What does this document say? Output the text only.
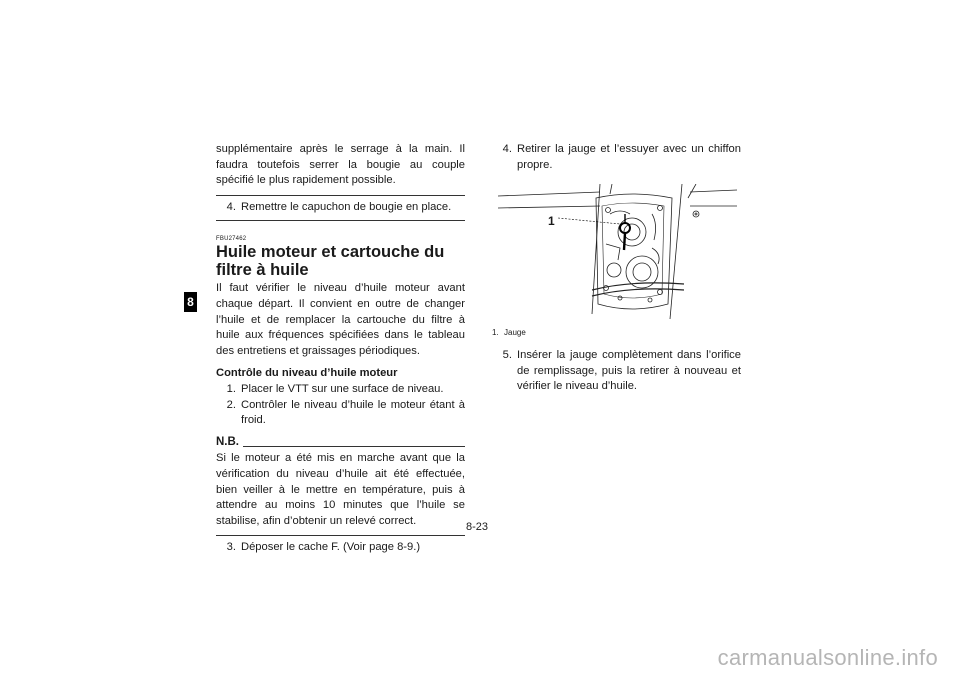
8

supplémentaire après le serrage à la main. Il faudra toutefois serrer la bougie au couple spécifié le plus rapidement possible.

4. Remettre le capuchon de bougie en place.

FBU27462

Huile moteur et cartouche du filtre à huile

Il faut vérifier le niveau d’huile moteur avant chaque départ. Il convient en outre de changer l’huile et de remplacer la cartouche du filtre à huile aux fréquences spécifiées dans le tableau des entretiens et graissages périodiques.

Contrôle du niveau d’huile moteur

1. Placer le VTT sur une surface de niveau.
2. Contrôler le niveau d’huile le moteur étant à froid.
N.B.

Si le moteur a été mis en marche avant que la vérification du niveau d’huile ait été effectuée, bien veiller à le mettre en température, puis à attendre au moins 10 minutes que l’huile se stabilise, afin d’obtenir un relevé correct.

3. Déposer le cache F. (Voir page 8-9.)
4. Retirer la jauge et l’essuyer avec un chiffon propre.
1

1. Jauge

5. Insérer la jauge complètement dans l’orifice de remplissage, puis la retirer à nouveau et vérifier le niveau d’huile.
8-23
carmanualsonline.info
